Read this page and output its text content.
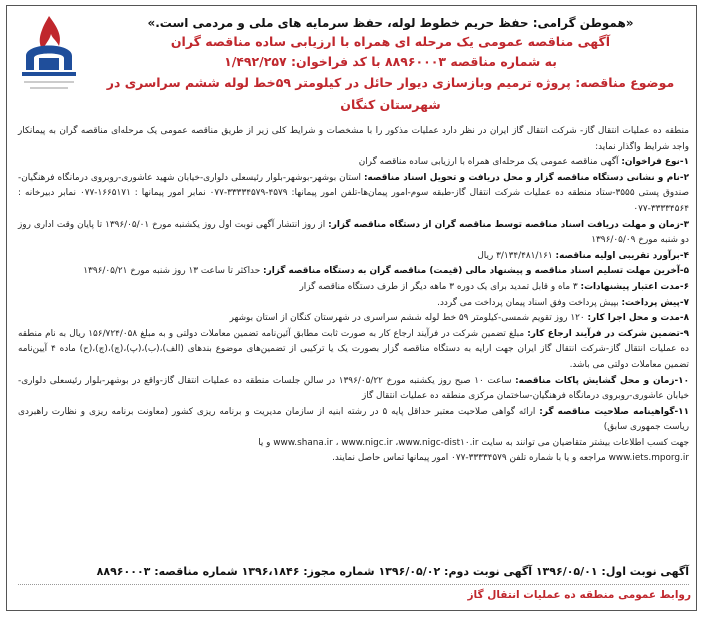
«هموطن گرامی: حفظ حریم خطوط لوله، حفظ سرمایه های ملی و مردمی است.»
آگهی مناقصه عمومی یک مرحله ای همراه با ارزیابی ساده مناقصه گران
به شماره مناقصه ۸۸۹۶۰۰۰۳ با کد فراخوان: ۱/۴۹۲/۲۵۷
موضوع مناقصه: پروژه ترمیم وبازسازی دیوار حائل در کیلومتر ۵۹خط لوله ششم سراسری در شهرستان کنگان

منطقه ده عملیات انتقال گاز- شرکت انتقال گاز ایران در نظر دارد عملیات مذکور را با مشخصات و شرایط کلی زیر از طریق مناقصه عمومی یک مرحله‌ای مناقصه گران به پیمانکار واجد شرایط واگذار نماید:

۱-نوع فراخوان: آگهی مناقصه عمومی یک مرحله‌ای همراه با ارزیابی ساده مناقصه گران

۲-نام و نشانی دستگاه مناقصه گزار و محل دریافت و تحویل اسناد مناقصه: استان بوشهر-بوشهر-بلوار رئیسعلی دلواری-خیابان شهید عاشوری-روبروی درمانگاه فرهنگیان-صندوق پستی ۳۵۵۵-ستاد منطقه ده عملیات شرکت انتقال گاز-طبقه سوم-امور پیمان‌ها-تلفن امور پیمانها: ۴۵۷۹-۳۳۳۳۴۵۷۹-۰۷۷ نمابر امور پیمانها : ۱۶۶۵۱۷۱-۰۷۷ نمابر دبیرخانه : ۳۳۳۳۴۵۶۴-۰۷۷

۳-زمان و مهلت دریافت اسناد مناقصه توسط مناقصه گران از دستگاه مناقصه گزار: از روز انتشار آگهی نوبت اول روز یکشنبه مورخ ۱۳۹۶/۰۵/۰۱ تا پایان وقت اداری روز دو شنبه مورخ ۱۳۹۶/۰۵/۰۹

۴-برآورد تقریبی اولیه مناقصه: ۳/۱۳۴/۴۸۱/۱۶۱ ریال

۵-آخرین مهلت تسلیم اسناد مناقصه و پیشنهاد مالی (قیمت) مناقصه گران به دستگاه مناقصه گزار: حداکثر تا ساعت ۱۳ روز شنبه مورخ ۱۳۹۶/۰۵/۲۱

۶-مدت اعتبار پیشنهادات: ۳ ماه و قابل تمدید برای یک دوره ۳ ماهه دیگر از طرف دستگاه مناقصه گزار

۷-پیش پرداخت: بپیش پرداخت وفق اسناد پیمان پرداخت می گردد.

۸-مدت و محل اجرا کار: ۱۲۰ روز تقویم شمسی-کیلومتر ۵۹ خط لوله ششم سراسری در شهرستان کنگان از استان بوشهر

۹-تضمین شرکت در فرآیند ارجاع کار: مبلغ تضمین شرکت در فرآیند ارجاع کار به صورت ثابت مطابق آئین‌نامه تضمین معاملات دولتی و به مبلغ ۱۵۶/۷۲۴/۰۵۸ ریال به نام منطقه ده عملیات انتقال گاز-شرکت انتقال گاز ایران جهت ارایه به دستگاه مناقصه گزار بصورت یک یا ترکیبی از تضمین‌های موضوع بندهای (الف)،(ب)،(پ)،(چ)،(چ)،(ح) ماده ۴ آیین‌نامه تضمین معاملات دولتی می باشد.

۱۰-زمان و محل گشایش پاکات مناقصه: ساعت ۱۰ صبح روز یکشنبه مورخ ۱۳۹۶/۰۵/۲۲ در سالن جلسات منطقه ده عملیات انتقال گاز-واقع در بوشهر-بلوار رئیسعلی دلواری-خیابان عاشوری-روبروی درمانگاه فرهنگیان-ساختمان مرکزی منطقه ده عملیات انتقال گاز

۱۱-گواهینامه صلاحیت مناقصه گر: ارائه گواهی صلاحیت معتبر حداقل پایه ۵ در رشته ابنیه از سازمان مدیریت و برنامه ریزی کشور (معاونت برنامه ریزی و نظارت راهبردی ریاست جمهوری سابق)

جهت کسب اطلاعات بیشتر متقاضیان می توانند به سایت www.shana.ir ، www.nigc.ir ،www.nigc-dist۱۰.ir و یا

www.iets.mporg.ir مراجعه و یا با شماره تلفن ۳۳۳۳۴۵۷۹-۰۷۷ امور پیمانها تماس حاصل نمایند.

آگهی نوبت اول: ۱۳۹۶/۰۵/۰۱ آگهی نوبت دوم: ۱۳۹۶/۰۵/۰۲ شماره مجوز: ۱۳۹۶،۱۸۴۶ شماره مناقصه: ۸۸۹۶۰۰۰۳
روابط عمومی منطقه ده عملیات انتقال گاز
